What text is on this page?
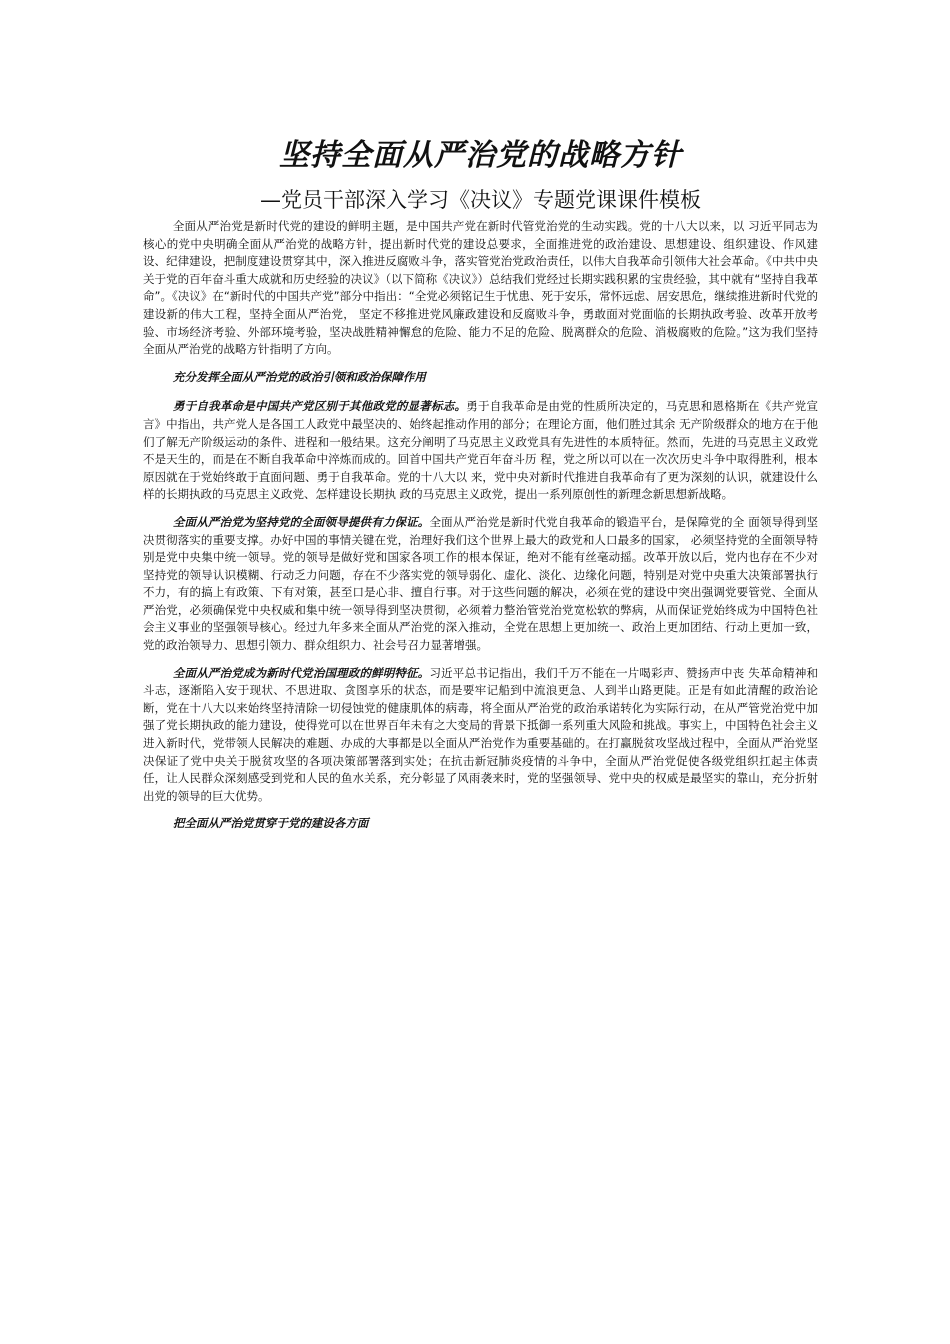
坚持全面从严治党的战略方针
—党员干部深入学习《决议》专题党课课件模板

全面从严治党是新时代党的建设的鲜明主题，是中国共产党在新时代管党治党的生动实践。党的十八大以来，以 习近平同志为核心的党中央明确全面从严治党的战略方针，提出新时代党的建设总要求，全面推进党的政治建设、思想建设、组织建设、作风建设、纪律建设，把制度建设贯穿其中，深入推进反腐败斗争，落实管党治党政治责任，以伟大自我革命引领伟大社会革命。《中共中央关于党的百年奋斗重大成就和历史经验的决议》（以下简称《决议》）总结我们党经过长期实践积累的宝贵经验，其中就有“坚持自我革命”。《决议》在“新时代的中国共产党”部分中指出：“全党必须铭记生于忧患、死于安乐，常怀远虑、居安思危，继续推进新时代党的建设新的伟大工程，坚持全面从严治党， 坚定不移推进党风廉政建设和反腐败斗争，勇敢面对党面临的长期执政考验、改革开放考验、市场经济考验、外部环境考验，坚决战胜精神懈怠的危险、能力不足的危险、脱离群众的危险、消极腐败的危险。”这为我们坚持全面从严治党的战略方针指明了方向。

充分发挥全面从严治党的政治引领和政治保障作用

勇于自我革命是中国共产党区别于其他政党的显著标志。勇于自我革命是由党的性质所决定的，马克思和恩格斯在《共产党宣言》中指出，共产党人是各国工人政党中最坚决的、始终起推动作用的部分；在理论方面，他们胜过其余 无产阶级群众的地方在于他们了解无产阶级运动的条件、进程和一般结果。这充分阐明了马克思主义政党具有先进性的本质特征。然而，先进的马克思主义政党不是天生的，而是在不断自我革命中淬炼而成的。回首中国共产党百年奋斗历 程，党之所以可以在一次次历史斗争中取得胜利，根本原因就在于党始终敢于直面问题、勇于自我革命。党的十八大以 来，党中央对新时代推进自我革命有了更为深刻的认识，就建设什么样的长期执政的马克思主义政党、怎样建设长期执 政的马克思主义政党，提出一系列原创性的新理念新思想新战略。

全面从严治党为坚持党的全面领导提供有力保证。全面从严治党是新时代党自我革命的锻造平台，是保障党的全 面领导得到坚决贯彻落实的重要支撑。办好中国的事情关键在党，治理好我们这个世界上最大的政党和人口最多的国家， 必须坚持党的全面领导特别是党中央集中统一领导。党的领导是做好党和国家各项工作的根本保证，绝对不能有丝毫动摇。改革开放以后，党内也存在不少对坚持党的领导认识模糊、行动乏力问题，存在不少落实党的领导弱化、虚化、淡化、边缘化问题，特别是对党中央重大决策部署执行不力，有的搞上有政策、下有对策，甚至口是心非、擅自行事。对于这些问题的解决，必须在党的建设中突出强调党要管党、全面从严治党，必须确保党中央权威和集中统一领导得到坚决贯彻，必须着力整治管党治党宽松软的弊病，从而保证党始终成为中国特色社会主义事业的坚强领导核心。经过九年多来全面从严治党的深入推动，全党在思想上更加统一、政治上更加团结、行动上更加一致，党的政治领导力、思想引领力、群众组织力、社会号召力显著增强。

全面从严治党成为新时代党治国理政的鲜明特征。习近平总书记指出，我们千万不能在一片喝彩声、赞扬声中丧 失革命精神和斗志，逐渐陷入安于现状、不思进取、贪图享乐的状态，而是要牢记船到中流浪更急、人到半山路更陡。正是有如此清醒的政治论断，党在十八大以来始终坚持清除一切侵蚀党的健康肌体的病毒，将全面从严治党的政治承诺转化为实际行动，在从严管党治党中加强了党长期执政的能力建设，使得党可以在世界百年未有之大变局的背景下抵御一系列重大风险和挑战。事实上，中国特色社会主义进入新时代，党带领人民解决的难题、办成的大事都是以全面从严治党作为重要基础的。在打赢脱贫攻坚战过程中，全面从严治党坚决保证了党中央关于脱贫攻坚的各项决策部署落到实处；在抗击新冠肺炎疫情的斗争中，全面从严治党促使各级党组织扛起主体责任，让人民群众深刻感受到党和人民的鱼水关系，充分彰显了风雨袭来时，党的坚强领导、党中央的权威是最坚实的靠山，充分折射出党的领导的巨大优势。

把全面从严治党贯穿于党的建设各方面
